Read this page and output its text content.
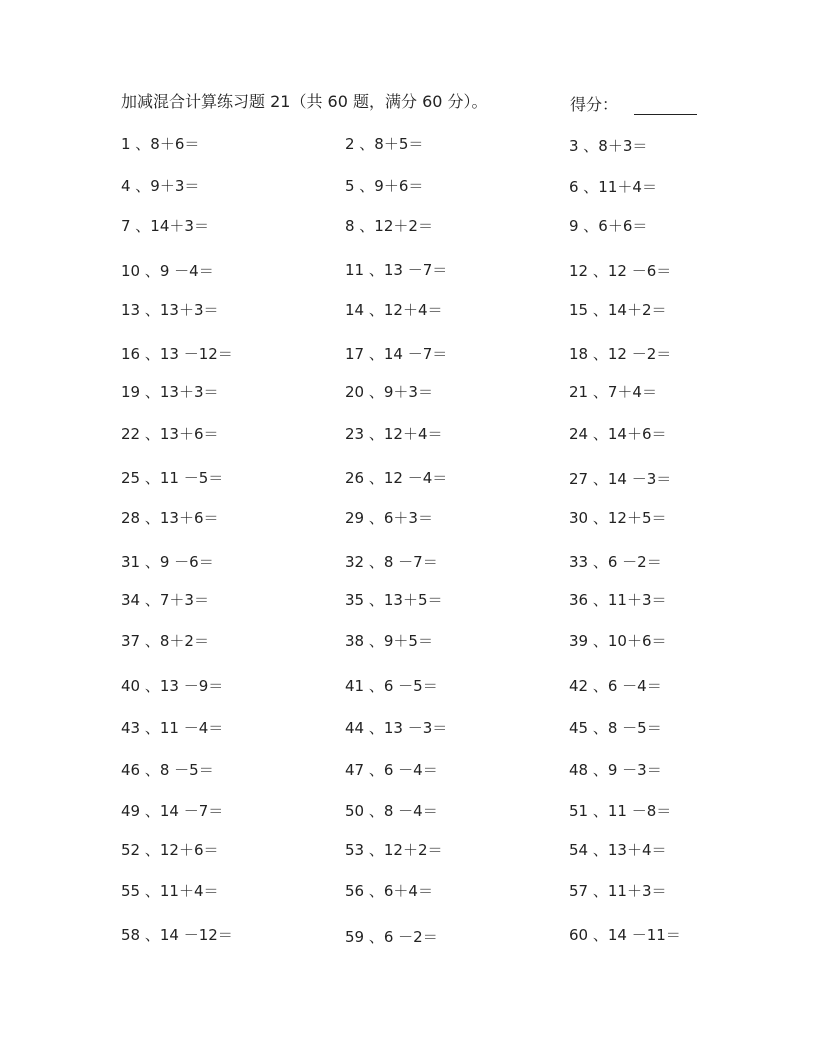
加减混合计算练习题 21（共 60 题，满分 60 分）。	得分：
1 、8＋6＝	2 、8＋5＝	3 、8＋3＝
4 、9＋3＝	5 、9＋6＝	6 、11＋4＝
7 、14＋3＝	8 、12＋2＝	9 、6＋6＝
10 、9 －4＝	11 、13 －7＝	12 、12 －6＝
13 、13＋3＝	14 、12＋4＝	15 、14＋2＝
16 、13 －12＝	17 、14 －7＝	18 、12 －2＝
19 、13＋3＝	20 、9＋3＝	21 、7＋4＝
22 、13＋6＝	23 、12＋4＝	24 、14＋6＝
25 、11 －5＝	26 、12 －4＝	27 、14 －3＝
28 、13＋6＝	29 、6＋3＝	30 、12＋5＝
31 、9 －6＝	32 、8 －7＝	33 、6 －2＝
34 、7＋3＝	35 、13＋5＝	36 、11＋3＝
37 、8＋2＝	38 、9＋5＝	39 、10＋6＝
40 、13 －9＝	41 、6 －5＝	42 、6 －4＝
43 、11 －4＝	44 、13 －3＝	45 、8 －5＝
46 、8 －5＝	47 、6 －4＝	48 、9 －3＝
49 、14 －7＝	50 、8 －4＝	51 、11 －8＝
52 、12＋6＝	53 、12＋2＝	54 、13＋4＝
55 、11＋4＝	56 、6＋4＝	57 、11＋3＝
58 、14 －12＝	59 、6 －2＝	60 、14 －11＝
